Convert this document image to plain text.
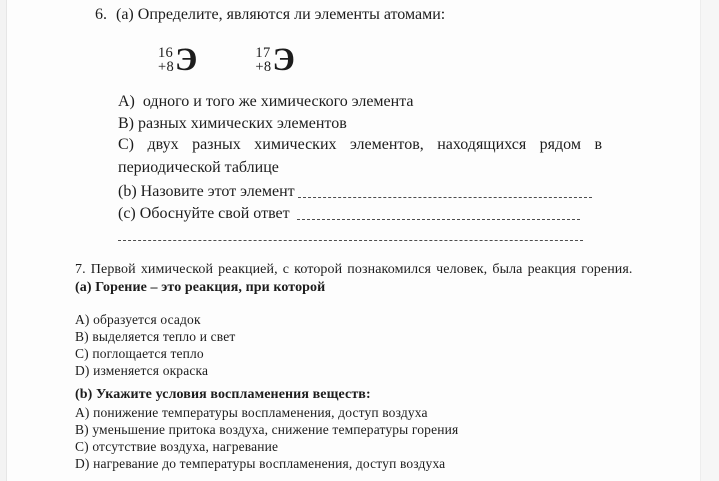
6. (а) Определите, являются ли элементы атомами:
16
+8 Э	17
+8 Э
A)  одного и того же химического элемента
B) разных химических элементов
C) двух разных химических элементов, находящихся рядом в
периодической таблице
(b) Назовите этот элемент
(c) Обоснуйте свой ответ
7. Первой химической реакцией, с которой познакомился человек, была реакция горения.
(а) Горение – это реакция, при которой
A) образуется осадок
B) выделяется тепло и свет
C) поглощается тепло
D) изменяется окраска
(b) Укажите условия воспламенения веществ:
A) понижение температуры воспламенения, доступ воздуха
B) уменьшение притока воздуха, снижение температуры горения
C) отсутствие воздуха, нагревание
D) нагревание до температуры воспламенения, доступ воздуха
